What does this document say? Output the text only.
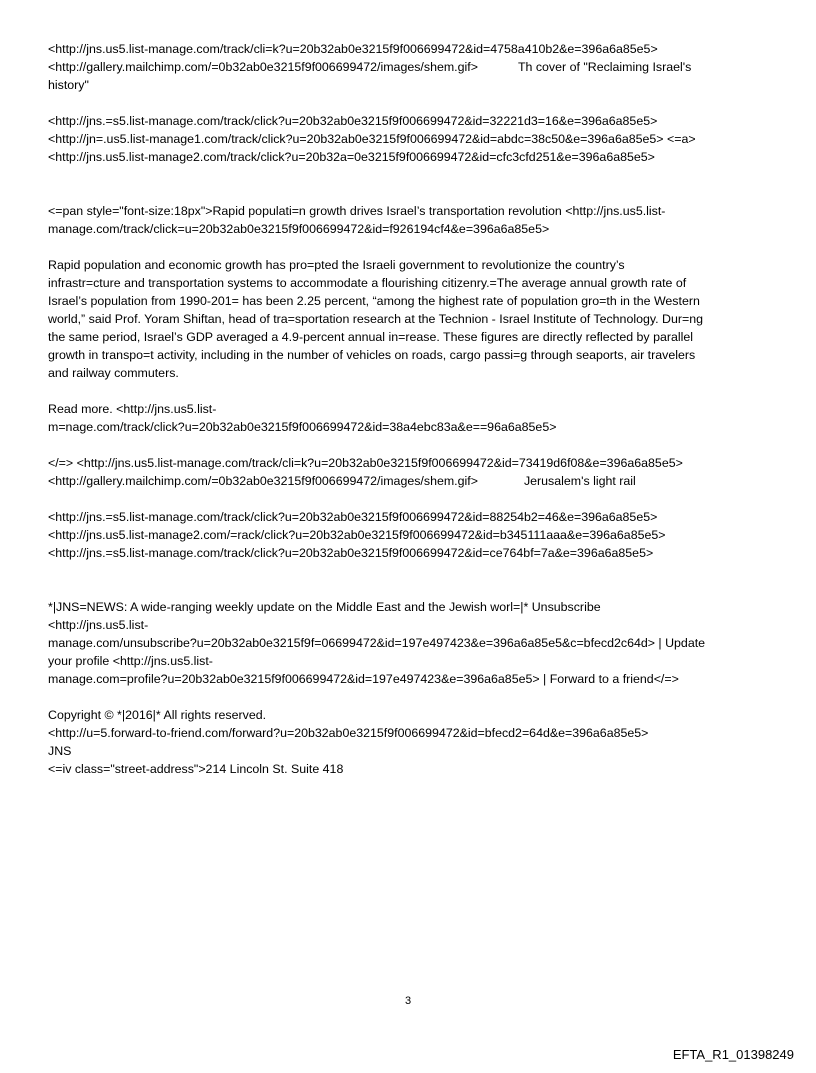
<http://jns.us5.list-manage.com/track/cli=k?u=20b32ab0e3215f9f006699472&id=4758a410b2&e=396a6a85e5>
<http://gallery.mailchimp.com/=0b32ab0e3215f9f006699472/images/shem.gif>	Th cover of "Reclaiming Israel's
history"

<http://jns.=s5.list-manage.com/track/click?u=20b32ab0e3215f9f006699472&id=32221d3=16&e=396a6a85e5>
<http://jn=.us5.list-manage1.com/track/click?u=20b32ab0e3215f9f006699472&id=abdc=38c50&e=396a6a85e5> <=a>
<http://jns.us5.list-manage2.com/track/click?u=20b32a=0e3215f9f006699472&id=cfc3cfd251&e=396a6a85e5>

<=pan style="font-size:18px">Rapid populati=n growth drives Israel’s transportation revolution <http://jns.us5.list-
manage.com/track/click=u=20b32ab0e3215f9f006699472&id=f926194cf4&e=396a6a85e5>

Rapid population and economic growth has pro=pted the Israeli government to revolutionize the country’s
infrastr=cture and transportation systems to accommodate a flourishing citizenry.=The average annual growth rate of
Israel’s population from 1990-201= has been 2.25 percent, “among the highest rate of population gro=th in the Western
world,” said Prof. Yoram Shiftan, head of tra=sportation research at the Technion - Israel Institute of Technology. Dur=ng
the same period, Israel’s GDP averaged a 4.9-percent annual in=rease. These figures are directly reflected by parallel
growth in transpo=t activity, including in the number of vehicles on roads, cargo passi=g through seaports, air travelers
and railway commuters.

Read more. <http://jns.us5.list-
m=nage.com/track/click?u=20b32ab0e3215f9f006699472&id=38a4ebc83a&e==96a6a85e5>

</=> <http://jns.us5.list-manage.com/track/cli=k?u=20b32ab0e3215f9f006699472&id=73419d6f08&e=396a6a85e5>
<http://gallery.mailchimp.com/=0b32ab0e3215f9f006699472/images/shem.gif>	Jerusalem's light rail

<http://jns.=s5.list-manage.com/track/click?u=20b32ab0e3215f9f006699472&id=88254b2=46&e=396a6a85e5>
<http://jns.us5.list-manage2.com/=rack/click?u=20b32ab0e3215f9f006699472&id=b345111aaa&e=396a6a85e5>
<http://jns.=s5.list-manage.com/track/click?u=20b32ab0e3215f9f006699472&id=ce764bf=7a&e=396a6a85e5>

*|JNS=NEWS: A wide-ranging weekly update on the Middle East and the Jewish worl=|* Unsubscribe
<http://jns.us5.list-
manage.com/unsubscribe?u=20b32ab0e3215f9f=06699472&id=197e497423&e=396a6a85e5&c=bfecd2c64d> | Update
your profile <http://jns.us5.list-
manage.com=profile?u=20b32ab0e3215f9f006699472&id=197e497423&e=396a6a85e5> | Forward to a friend</=>

Copyright © *|2016|* All rights reserved.
<http://u=5.forward-to-friend.com/forward?u=20b32ab0e3215f9f006699472&id=bfecd2=64d&e=396a6a85e5>
JNS
<=iv class="street-address">214 Lincoln St. Suite 418

3
EFTA_R1_01398249
